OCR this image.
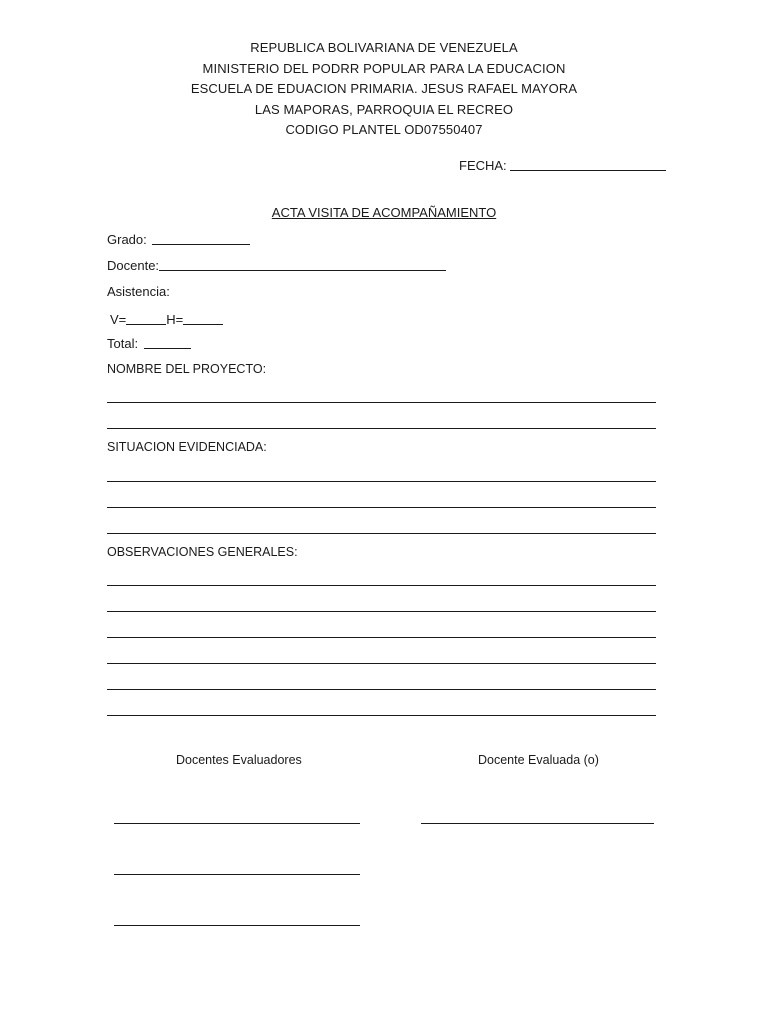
REPUBLICA BOLIVARIANA DE VENEZUELA
MINISTERIO DEL PODRR POPULAR PARA LA EDUCACION
ESCUELA DE EDUACION PRIMARIA. JESUS RAFAEL MAYORA
LAS MAPORAS, PARROQUIA EL RECREO
CODIGO PLANTEL OD07550407
FECHA:
ACTA VISITA DE ACOMPAÑAMIENTO
Grado:
Docente:
Asistencia:
V=	H=
Total:
NOMBRE DEL PROYECTO:
SITUACION EVIDENCIADA:
OBSERVACIONES GENERALES:
Docentes Evaluadores	Docente Evaluada (o)
